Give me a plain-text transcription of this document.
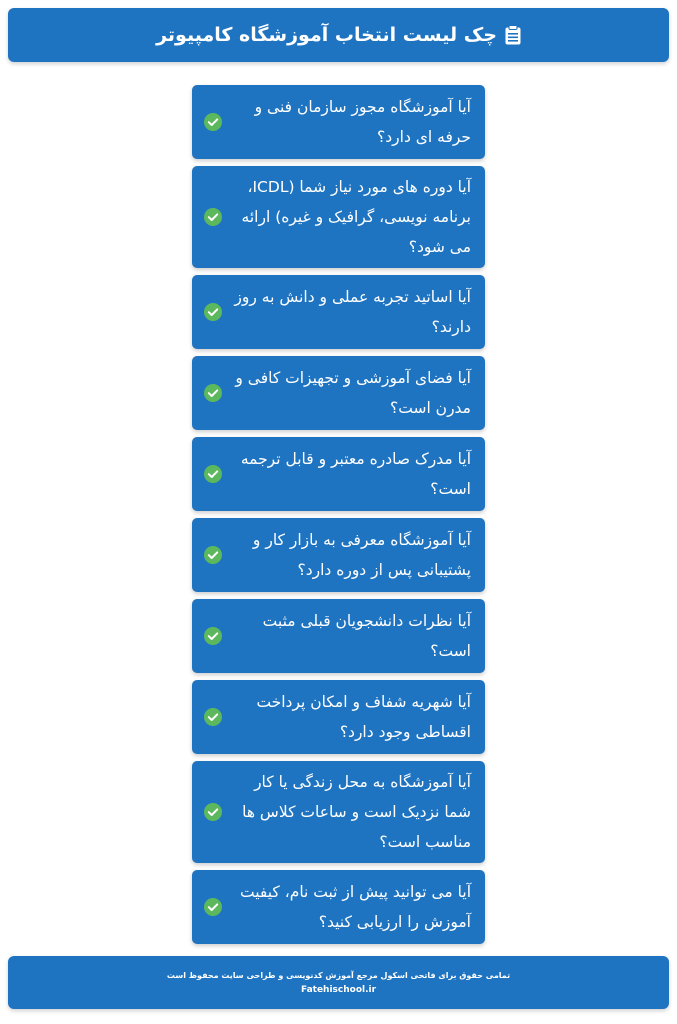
چک لیست انتخاب آموزشگاه کامپیوتر
آیا آموزشگاه مجوز سازمان فنی و حرفه ای دارد؟
آیا دوره های مورد نیاز شما (ICDL، برنامه نویسی، گرافیک و غیره) ارائه می شود؟
آیا اساتید تجربه عملی و دانش به روز دارند؟
آیا فضای آموزشی و تجهیزات کافی و مدرن است؟
آیا مدرک صادره معتبر و قابل ترجمه است؟
آیا آموزشگاه معرفی به بازار کار و پشتیبانی پس از دوره دارد؟
آیا نظرات دانشجویان قبلی مثبت است؟
آیا شهریه شفاف و امکان پرداخت اقساطی وجود دارد؟
آیا آموزشگاه به محل زندگی یا کار شما نزدیک است و ساعات کلاس ها مناسب است؟
آیا می توانید پیش از ثبت نام، کیفیت آموزش را ارزیابی کنید؟
تمامی حقوق برای فاتحی اسکول مرجع آموزش کدنویسی و طراحی سایت محفوظ است
Fatehischool.ir
